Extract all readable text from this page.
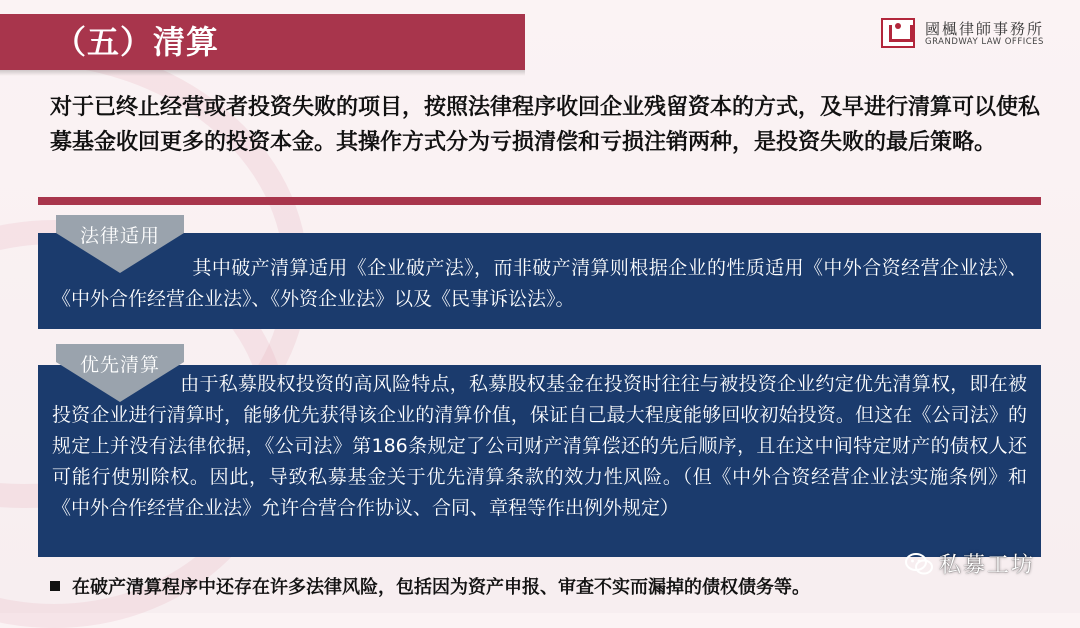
（五）清算	國楓律師事務所
GRANDWAY LAW OFFICES

对于已终止经营或者投资失败的项目，按照法律程序收回企业残留资本的方式，及早进行清算可以使私募基金收回更多的投资本金。其操作方式分为亏损清偿和亏损注销两种，是投资失败的最后策略。

其中破产清算适用《企业破产法》，而非破产清算则根据企业的性质适用《中外合资经营企业法》、《中外合作经营企业法》、《外资企业法》以及《民事诉讼法》。

法律适用

由于私募股权投资的高风险特点，私募股权基金在投资时往往与被投资企业约定优先清算权，即在被投资企业进行清算时，能够优先获得该企业的清算价值，保证自己最大程度能够回收初始投资。但这在《公司法》的规定上并没有法律依据，《公司法》第186条规定了公司财产清算偿还的先后顺序，且在这中间特定财产的债权人还可能行使别除权。因此，导致私募基金关于优先清算条款的效力性风险。（但《中外合资经营企业法实施条例》和《中外合作经营企业法》允许合营合作协议、合同、章程等作出例外规定）

优先清算
在破产清算程序中还存在许多法律风险，包括因为资产申报、审查不实而漏掉的债权债务等。
私募工坊
